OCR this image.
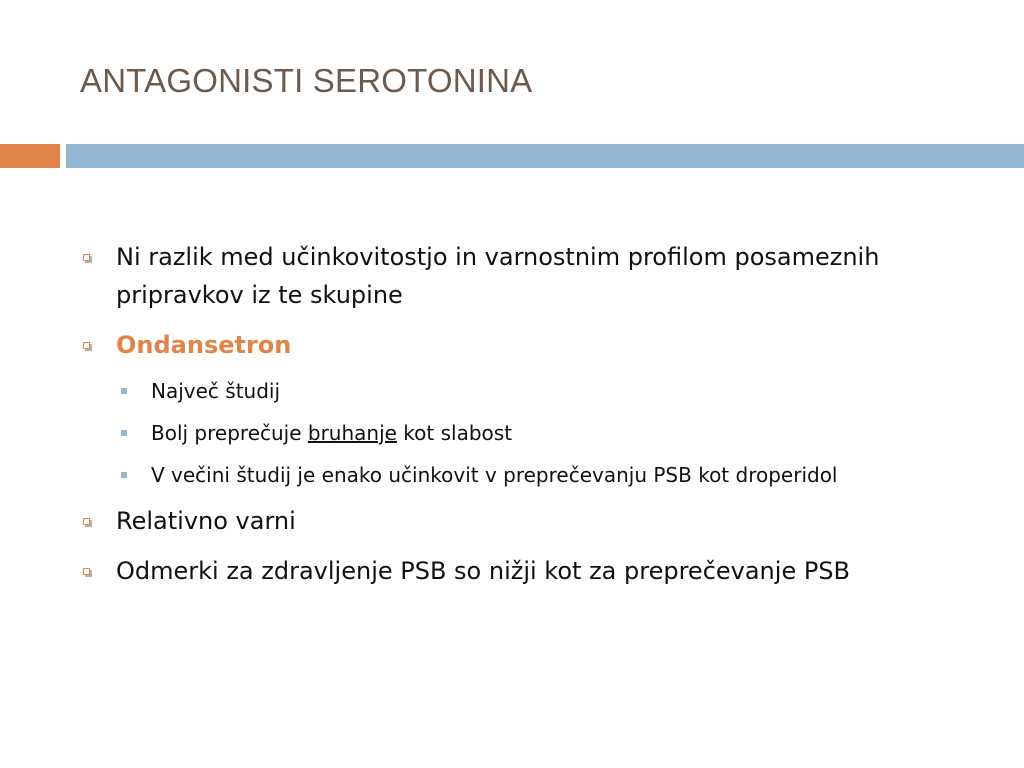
ANTAGONISTI SEROTONINA
Ni razlik med učinkovitostjo in varnostnim profilom posameznih pripravkov iz te skupine
Ondansetron
Največ študij
Bolj preprečuje bruhanje kot slabost
V večini študij je enako učinkovit v preprečevanju PSB kot droperidol
Relativno varni
Odmerki za zdravljenje PSB so nižji kot za preprečevanje PSB
